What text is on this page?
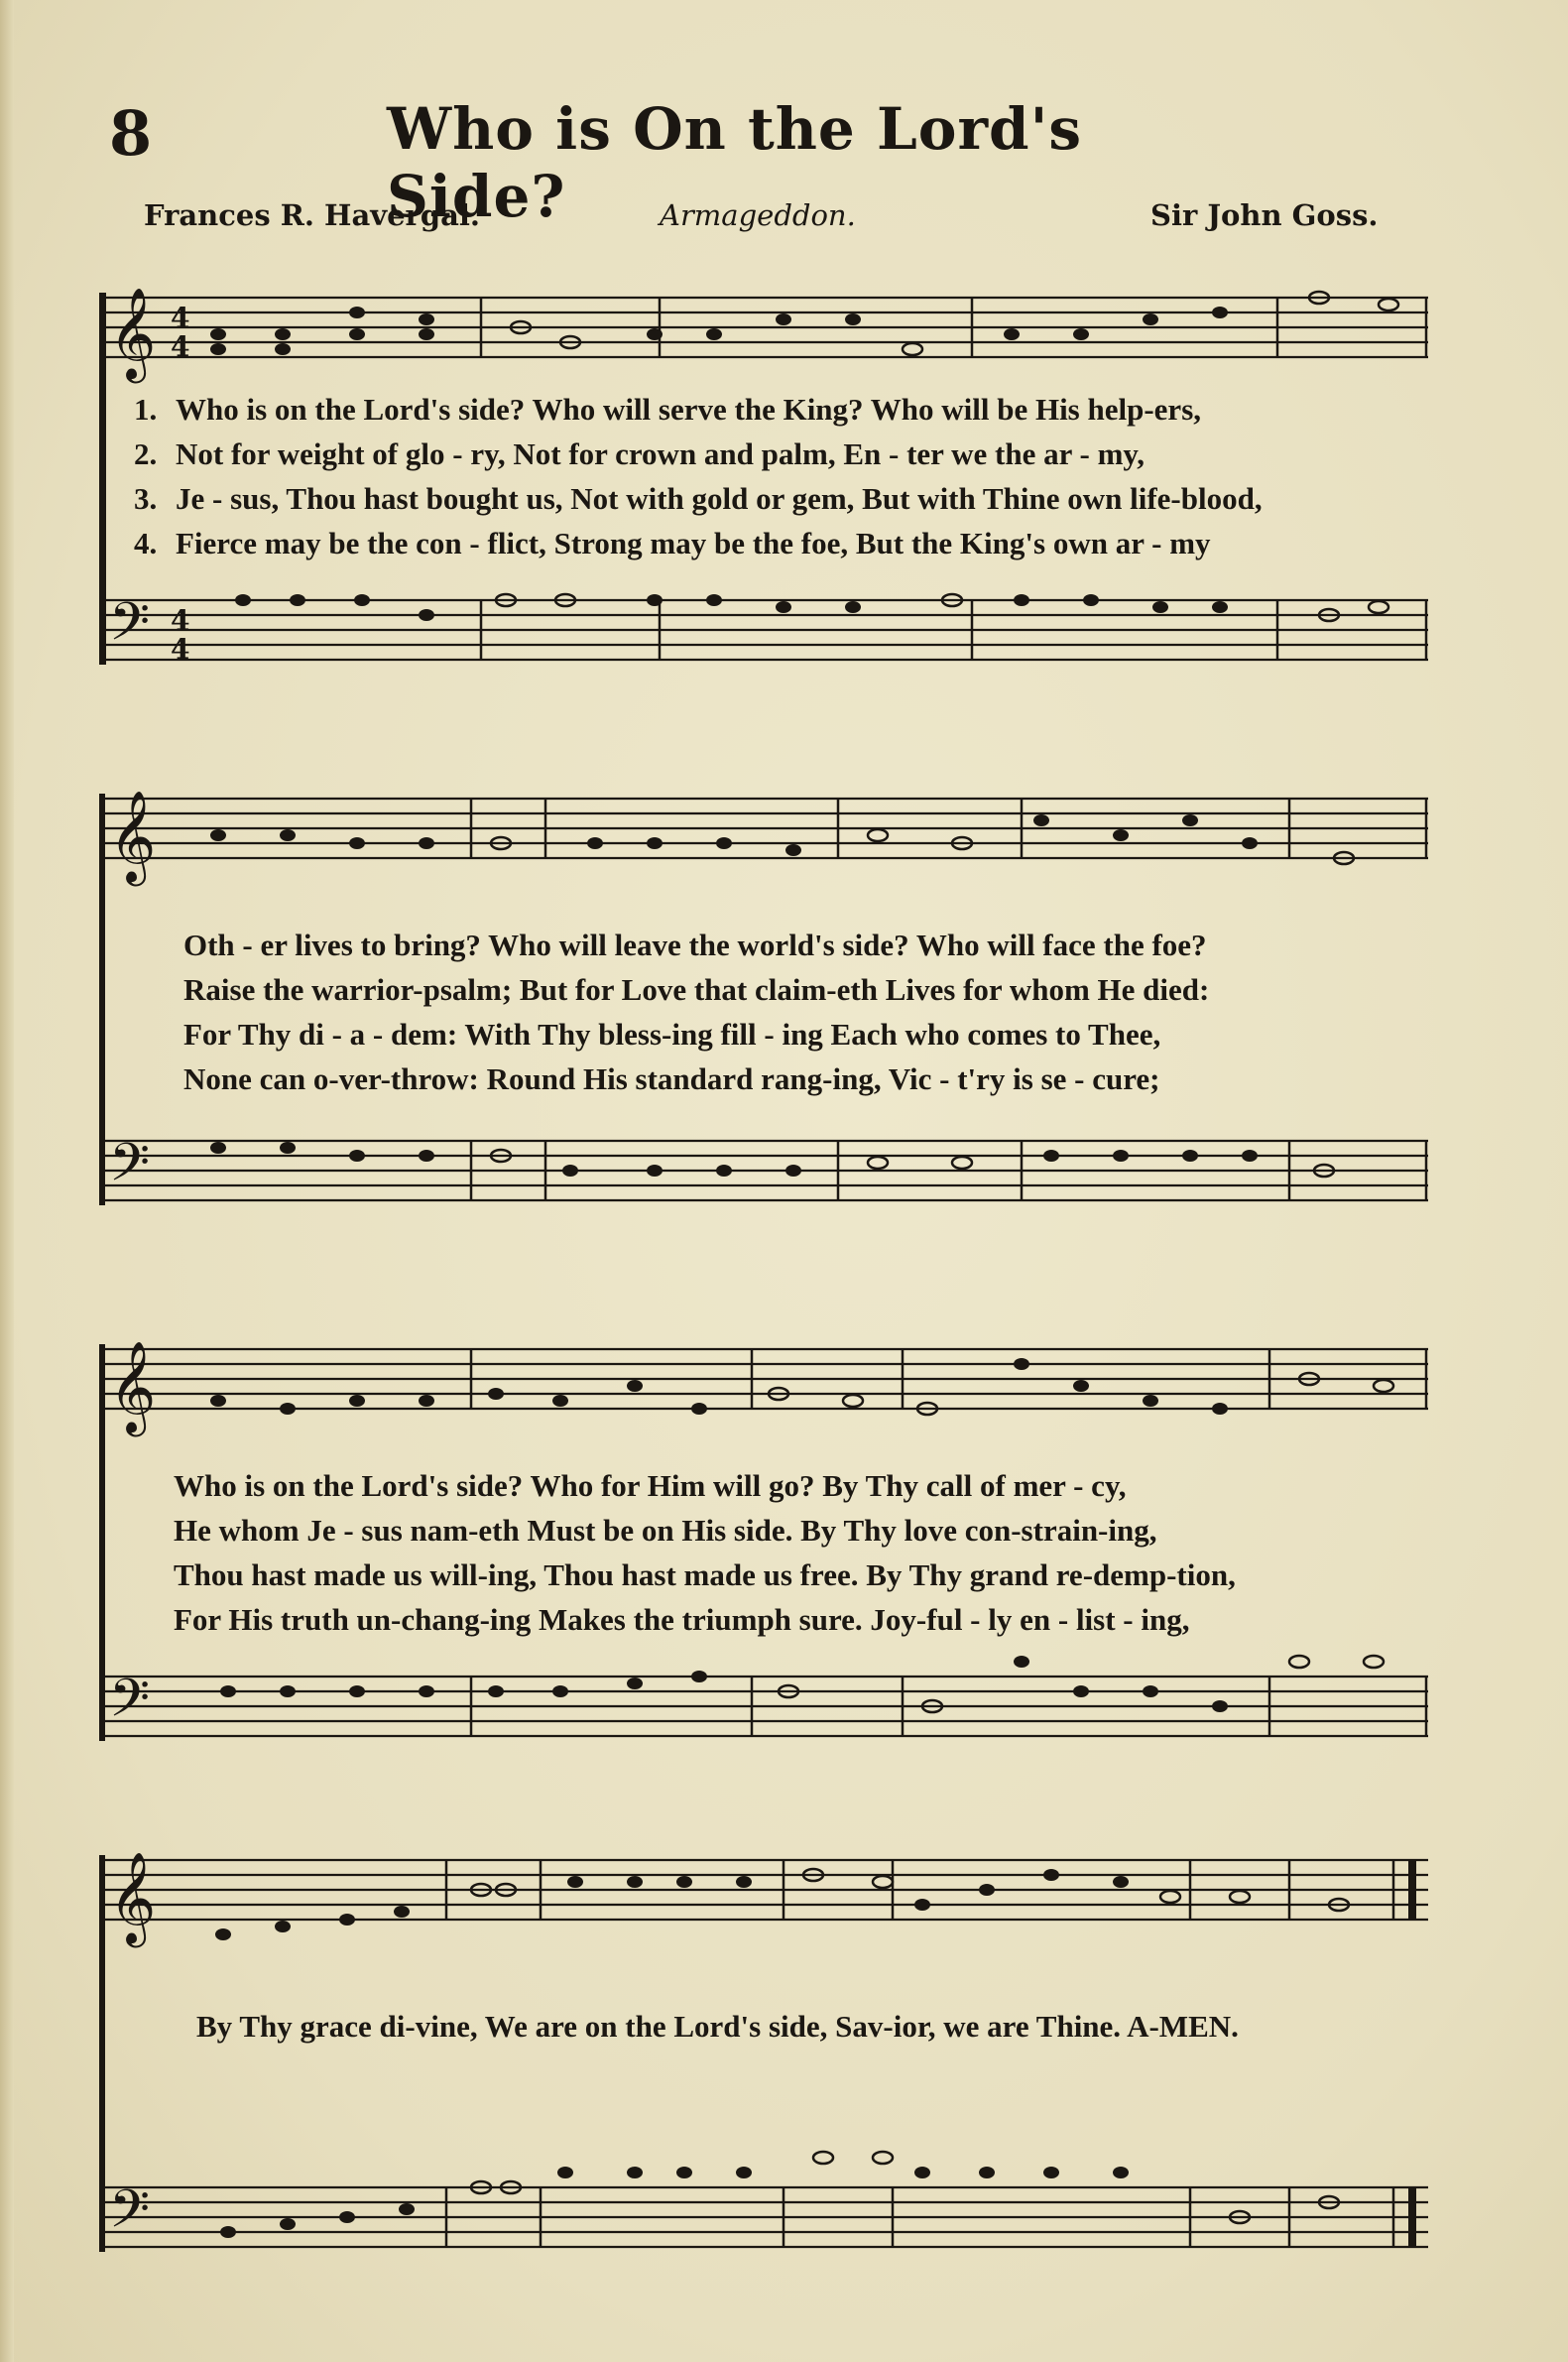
8	Who is On the Lord's Side?
Frances R. Havergal.	Armageddon.	Sir John Goss.
𝄞
𝄢
4
4
4
4
𝄞
𝄢
𝄞
𝄢
𝄞
𝄢
1. Who is on the Lord's side? Who will serve the King? Who will be His help-ers,
2. Not for weight of glo - ry, Not for crown and palm, En - ter we the ar - my,
3. Je - sus, Thou hast bought us, Not with gold or gem, But with Thine own life-blood,
4. Fierce may be the con - flict, Strong may be the foe, But the King's own ar - my
Oth - er lives to bring? Who will leave the world's side? Who will face the foe?
Raise the warrior-psalm; But for Love that claim-eth Lives for whom He died:
For Thy di - a - dem: With Thy bless-ing fill - ing Each who comes to Thee,
None can o-ver-throw: Round His standard rang-ing, Vic - t'ry is se - cure;
Who is on the Lord's side? Who for Him will go? By Thy call of mer - cy,
He whom Je - sus nam-eth Must be on His side. By Thy love con-strain-ing,
Thou hast made us will-ing, Thou hast made us free. By Thy grand re-demp-tion,
For His truth un-chang-ing Makes the triumph sure. Joy-ful - ly en - list - ing,
By Thy grace di-vine, We are on the Lord's side, Sav-ior, we are Thine. A-MEN.
